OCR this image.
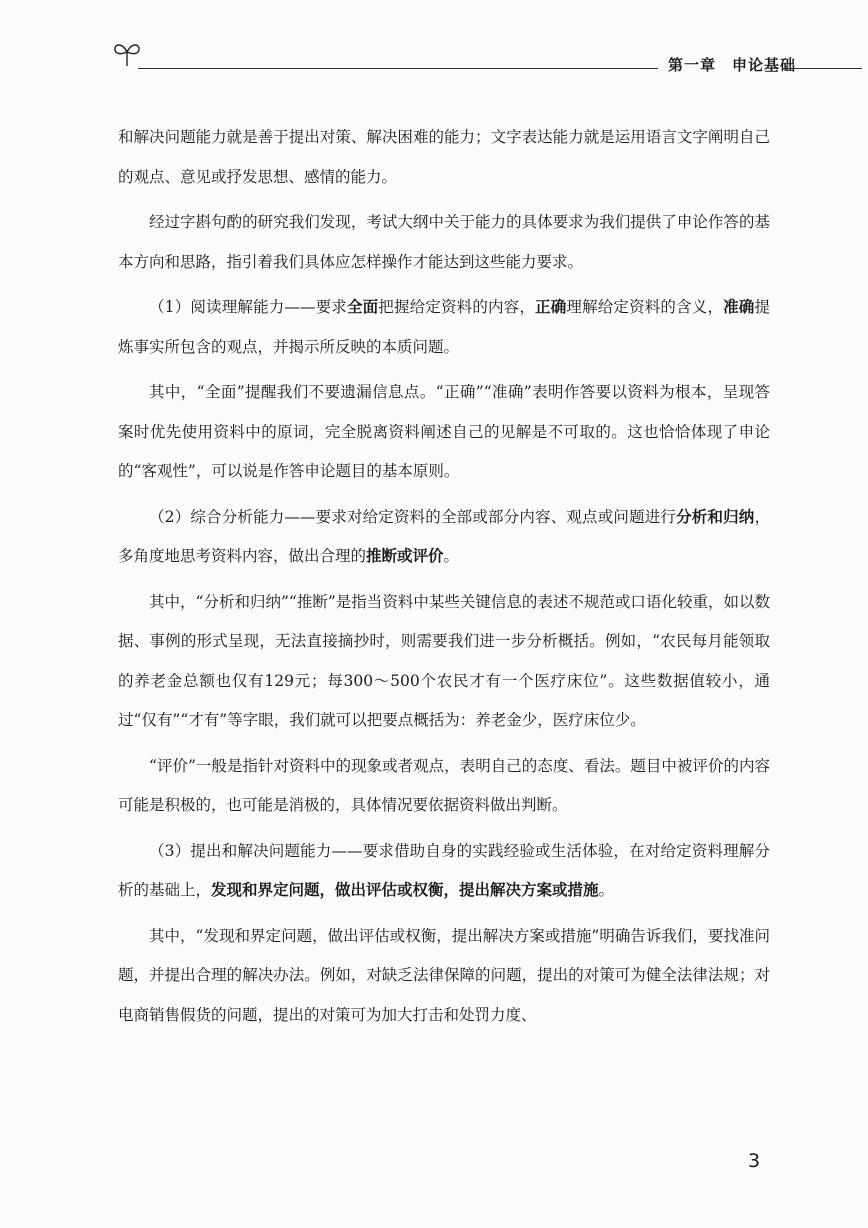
第一章 申论基础

和解决问题能力就是善于提出对策、解决困难的能力；文字表达能力就是运用语言文字阐明自己的观点、意见或抒发思想、感情的能力。

经过字斟句酌的研究我们发现，考试大纲中关于能力的具体要求为我们提供了申论作答的基本方向和思路，指引着我们具体应怎样操作才能达到这些能力要求。

（1）阅读理解能力——要求全面把握给定资料的内容，正确理解给定资料的含义，准确提炼事实所包含的观点，并揭示所反映的本质问题。

其中，“全面”提醒我们不要遗漏信息点。“正确”“准确”表明作答要以资料为根本，呈现答案时优先使用资料中的原词，完全脱离资料阐述自己的见解是不可取的。这也恰恰体现了申论的“客观性”，可以说是作答申论题目的基本原则。

（2）综合分析能力——要求对给定资料的全部或部分内容、观点或问题进行分析和归纳，多角度地思考资料内容，做出合理的推断或评价。

其中，“分析和归纳”“推断”是指当资料中某些关键信息的表述不规范或口语化较重，如以数据、事例的形式呈现，无法直接摘抄时，则需要我们进一步分析概括。例如，“农民每月能领取的养老金总额也仅有129元；每300～500个农民才有一个医疗床位”。这些数据值较小，通过“仅有”“才有”等字眼，我们就可以把要点概括为：养老金少，医疗床位少。

“评价”一般是指针对资料中的现象或者观点，表明自己的态度、看法。题目中被评价的内容可能是积极的，也可能是消极的，具体情况要依据资料做出判断。

（3）提出和解决问题能力——要求借助自身的实践经验或生活体验，在对给定资料理解分析的基础上，发现和界定问题，做出评估或权衡，提出解决方案或措施。

其中，“发现和界定问题，做出评估或权衡，提出解决方案或措施”明确告诉我们，要找准问题，并提出合理的解决办法。例如，对缺乏法律保障的问题，提出的对策可为健全法律法规；对电商销售假货的问题，提出的对策可为加大打击和处罚力度、

3
